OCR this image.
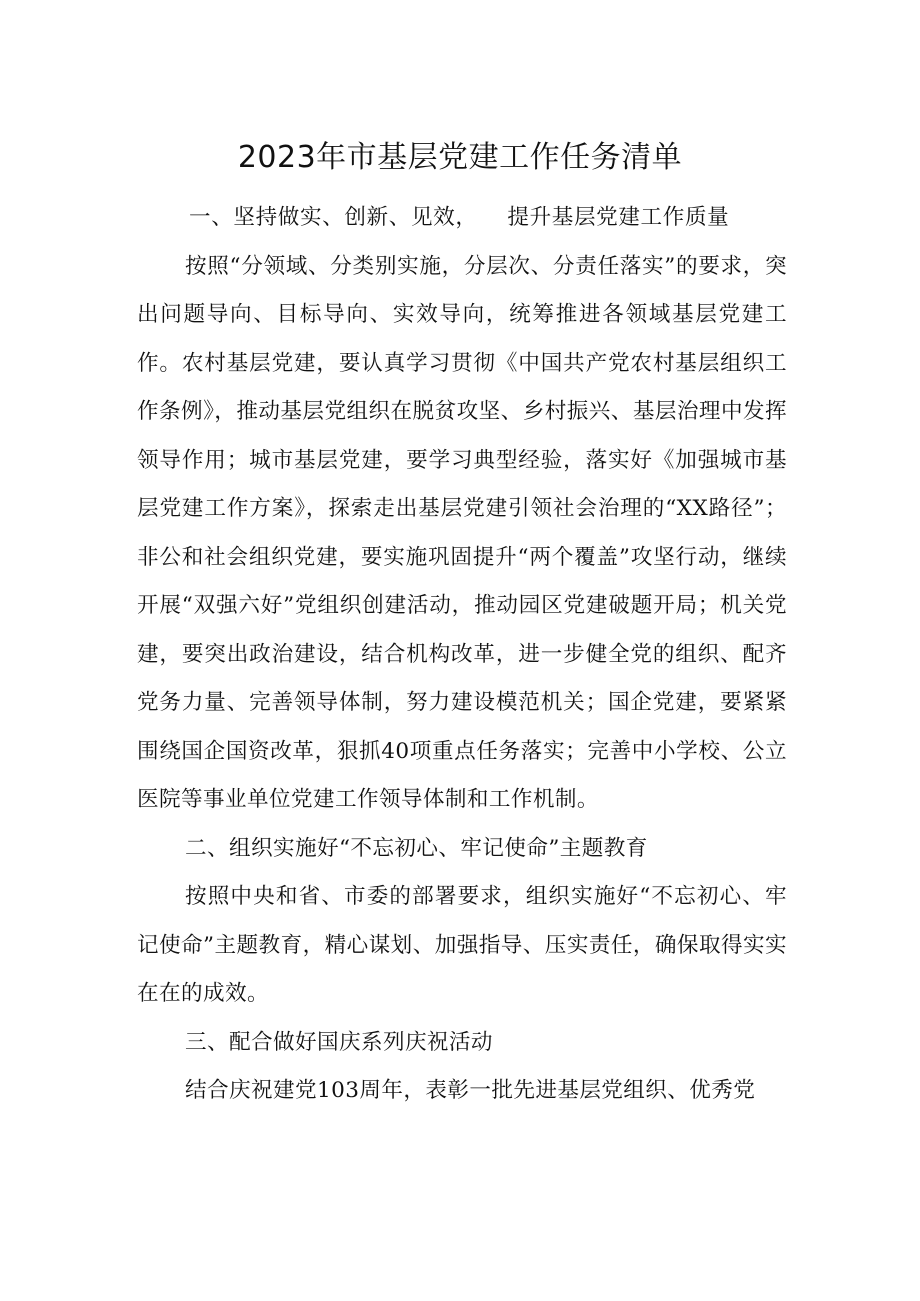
2023年市基层党建工作任务清单

一、坚持做实、创新、见效， 提升基层党建工作质量

按照“分领域、分类别实施，分层次、分责任落实”的要求，突出问题导向、目标导向、实效导向，统筹推进各领域基层党建工作。农村基层党建，要认真学习贯彻《中国共产党农村基层组织工作条例》，推动基层党组织在脱贫攻坚、乡村振兴、基层治理中发挥领导作用；城市基层党建，要学习典型经验，落实好《加强城市基层党建工作方案》，探索走出基层党建引领社会治理的“XX路径”；非公和社会组织党建，要实施巩固提升“两个覆盖”攻坚行动，继续开展“双强六好”党组织创建活动，推动园区党建破题开局；机关党建，要突出政治建设，结合机构改革，进一步健全党的组织、配齐党务力量、完善领导体制，努力建设模范机关；国企党建，要紧紧围绕国企国资改革，狠抓40项重点任务落实；完善中小学校、公立医院等事业单位党建工作领导体制和工作机制。

二、组织实施好“不忘初心、牢记使命”主题教育

按照中央和省、市委的部署要求，组织实施好“不忘初心、牢记使命”主题教育，精心谋划、加强指导、压实责任，确保取得实实在在的成效。

三、配合做好国庆系列庆祝活动

结合庆祝建党103周年，表彰一批先进基层党组织、优秀党
